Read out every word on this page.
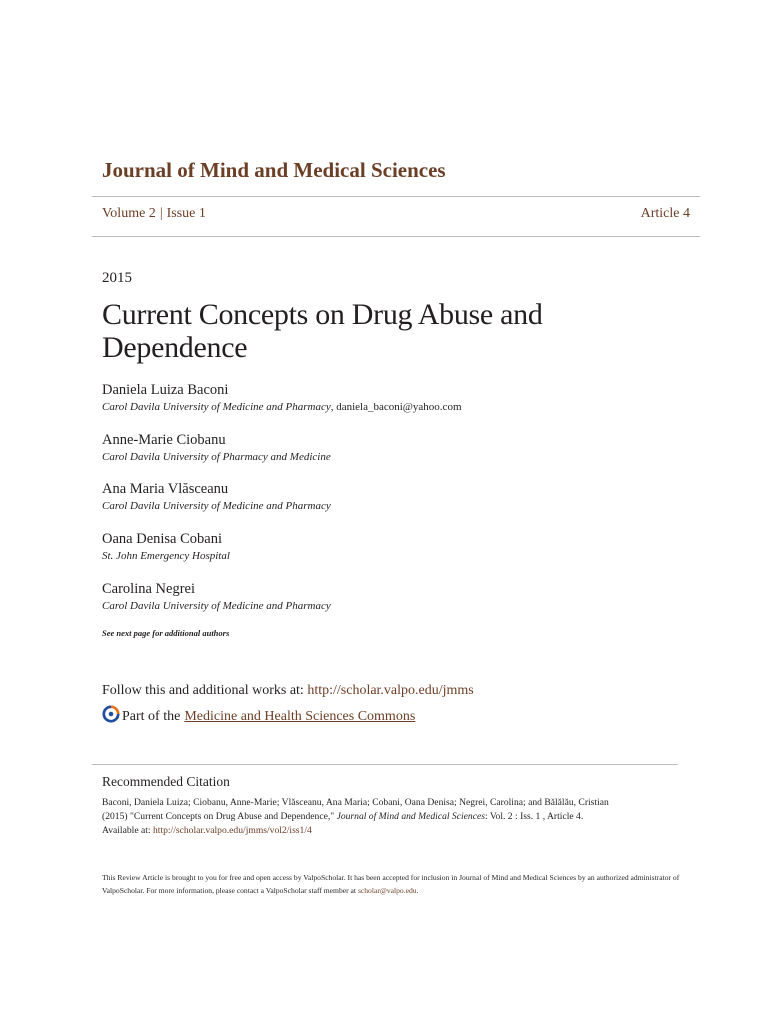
Journal of Mind and Medical Sciences
Volume 2 | Issue 1	Article 4
2015
Current Concepts on Drug Abuse and
Dependence
Daniela Luiza Baconi
Carol Davila University of Medicine and Pharmacy, daniela_baconi@yahoo.com
Anne-Marie Ciobanu
Carol Davila University of Pharmacy and Medicine
Ana Maria Vlăsceanu
Carol Davila University of Medicine and Pharmacy
Oana Denisa Cobani
St. John Emergency Hospital
Carolina Negrei
Carol Davila University of Medicine and Pharmacy
See next page for additional authors
Follow this and additional works at: http://scholar.valpo.edu/jmms
Part of the Medicine and Health Sciences Commons
Recommended Citation
Baconi, Daniela Luiza; Ciobanu, Anne-Marie; Vlăsceanu, Ana Maria; Cobani, Oana Denisa; Negrei, Carolina; and Bălălău, Cristian
(2015) "Current Concepts on Drug Abuse and Dependence," Journal of Mind and Medical Sciences: Vol. 2 : Iss. 1 , Article 4.
Available at: http://scholar.valpo.edu/jmms/vol2/iss1/4
This Review Article is brought to you for free and open access by ValpoScholar. It has been accepted for inclusion in Journal of Mind and Medical Sciences by an authorized administrator of ValpoScholar. For more information, please contact a ValpoScholar staff member at scholar@valpo.edu.
